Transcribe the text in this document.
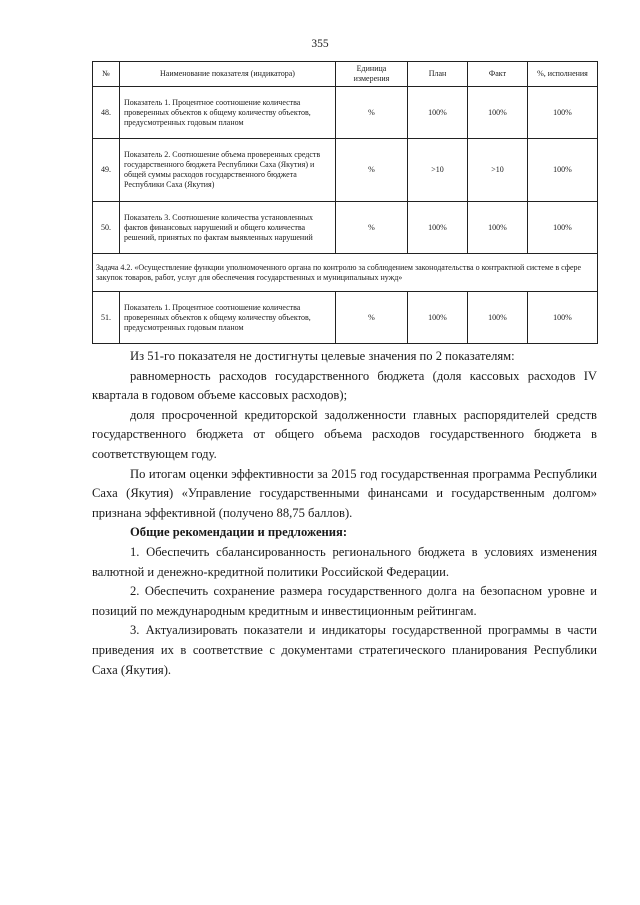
355
№	Наименование показателя (индикатора)	Единица измерения	План	Факт	%, исполнения
48.	Показатель 1. Процентное соотношение количества проверенных объектов к общему количеству объектов, предусмотренных годовым планом	%	100%	100%	100%
49.	Показатель 2. Соотношение объема проверенных средств государственного бюджета Республики Саха (Якутия) и общей суммы расходов государственного бюджета Республики Саха (Якутия)	%	>10	>10	100%
50.	Показатель 3. Соотношение количества установленных фактов финансовых нарушений и общего количества решений, принятых по фактам выявленных нарушений	%	100%	100%	100%
Задача 4.2. «Осуществление функции уполномоченного органа по контролю за соблюдением законодательства о контрактной системе в сфере закупок товаров, работ, услуг для обеспечения государственных и муниципальных нужд»					
51.	Показатель 1. Процентное соотношение количества проверенных объектов к общему количеству объектов, предусмотренных годовым планом	%	100%	100%	100%

Из 51-го показателя не достигнуты целевые значения по 2 показателям:

равномерность расходов государственного бюджета (доля кассовых расходов IV квартала в годовом объеме кассовых расходов);

доля просроченной кредиторской задолженности главных распорядителей средств государственного бюджета от общего объема расходов государственного бюджета в соответствующем году.

По итогам оценки эффективности за 2015 год государственная программа Республики Саха (Якутия) «Управление государственными финансами и государственным долгом» признана эффективной (получено 88,75 баллов).

Общие рекомендации и предложения:

1. Обеспечить сбалансированность регионального бюджета в условиях изменения валютной и денежно-кредитной политики Российской Федерации.

2. Обеспечить сохранение размера государственного долга на безопасном уровне и позиций по международным кредитным и инвестиционным рейтингам.

3. Актуализировать показатели и индикаторы государственной программы в части приведения их в соответствие с документами стратегического планирования Республики Саха (Якутия).
